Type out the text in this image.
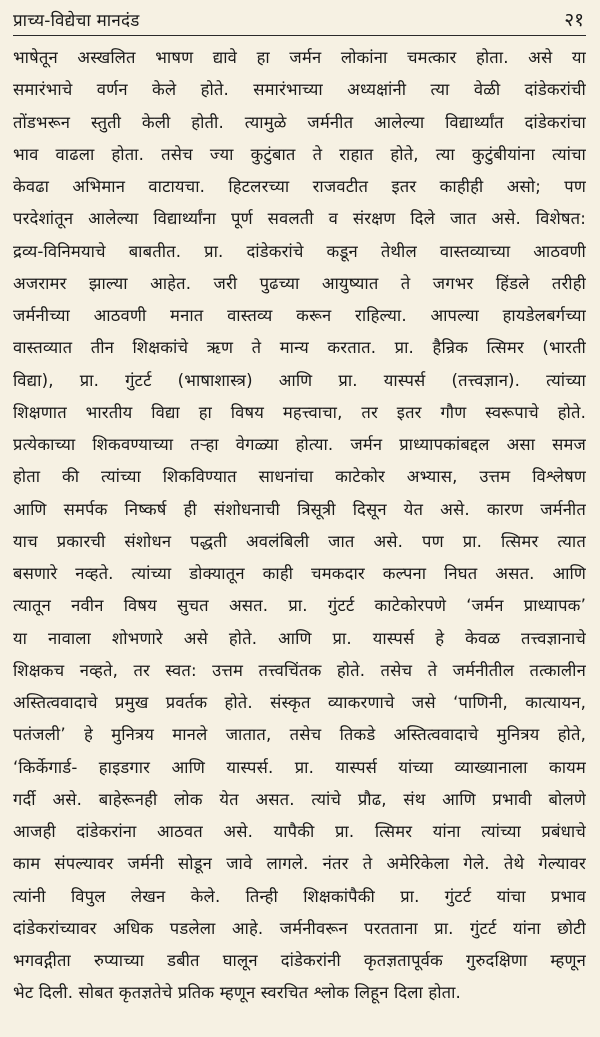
प्राच्य-विद्येचा मानदंड	२१
भाषेतून अस्खलित भाषण द्यावे हा जर्मन लोकांना चमत्कार होता. असे या
समारंभाचे वर्णन केले होते. समारंभाच्या अध्यक्षांनी त्या वेळी दांडेकरांची
तोंडभरून स्तुती केली होती. त्यामुळे जर्मनीत आलेल्या विद्यार्थ्यांत दांडेकरांचा
भाव वाढला होता. तसेच ज्या कुटुंबात ते राहात होते, त्या कुटुंबीयांना त्यांचा
केवढा अभिमान वाटायचा. हिटलरच्या राजवटीत इतर काहीही असो; पण
परदेशांतून आलेल्या विद्यार्थ्यांना पूर्ण सवलती व संरक्षण दिले जात असे. विशेषत:
द्रव्य-विनिमयाचे बाबतीत. प्रा. दांडेकरांचे कडून तेथील वास्तव्याच्या आठवणी
अजरामर झाल्या आहेत. जरी पुढच्या आयुष्यात ते जगभर हिंडले तरीही
जर्मनीच्या आठवणी मनात वास्तव्य करून राहिल्या. आपल्या हायडेलबर्गच्या
वास्तव्यात तीन शिक्षकांचे ऋण ते मान्य करतात. प्रा. हैन्रिक त्सिमर (भारती
विद्या), प्रा. गुंटर्ट (भाषाशास्त्र) आणि प्रा. यास्पर्स (तत्त्वज्ञान). त्यांच्या
शिक्षणात भारतीय विद्या हा विषय महत्त्वाचा, तर इतर गौण स्वरूपाचे होते.
प्रत्येकाच्या शिकवण्याच्या तऱ्हा वेगळ्या होत्या. जर्मन प्राध्यापकांबद्दल असा समज
होता की त्यांच्या शिकविण्यात साधनांचा काटेकोर अभ्यास, उत्तम विश्लेषण
आणि समर्पक निष्कर्ष ही संशोधनाची त्रिसूत्री दिसून येत असे. कारण जर्मनीत
याच प्रकारची संशोधन पद्धती अवलंबिली जात असे. पण प्रा. त्सिमर त्यात
बसणारे नव्हते. त्यांच्या डोक्यातून काही चमकदार कल्पना निघत असत. आणि
त्यातून नवीन विषय सुचत असत. प्रा. गुंटर्ट काटेकोरपणे ‘जर्मन प्राध्यापक’
या नावाला शोभणारे असे होते. आणि प्रा. यास्पर्स हे केवळ तत्त्वज्ञानाचे
शिक्षकच नव्हते, तर स्वत: उत्तम तत्त्वचिंतक होते. तसेच ते जर्मनीतील तत्कालीन
अस्तित्ववादाचे प्रमुख प्रवर्तक होते. संस्कृत व्याकरणाचे जसे ‘पाणिनी, कात्यायन,
पतंजली’ हे मुनित्रय मानले जातात, तसेच तिकडे अस्तित्ववादाचे मुनित्रय होते,
‘किर्केगार्ड- हाइडगार आणि यास्पर्स. प्रा. यास्पर्स यांच्या व्याख्यानाला कायम
गर्दी असे. बाहेरूनही लोक येत असत. त्यांचे प्रौढ, संथ आणि प्रभावी बोलणे
आजही दांडेकरांना आठवत असे. यापैकी प्रा. त्सिमर यांना त्यांच्या प्रबंधाचे
काम संपल्यावर जर्मनी सोडून जावे लागले. नंतर ते अमेरिकेला गेले. तेथे गेल्यावर
त्यांनी विपुल लेखन केले. तिन्ही शिक्षकांपैकी प्रा. गुंटर्ट यांचा प्रभाव
दांडेकरांच्यावर अधिक पडलेला आहे. जर्मनीवरून परतताना प्रा. गुंटर्ट यांना छोटी
भगवद्गीता रुप्याच्या डबीत घालून दांडेकरांनी कृतज्ञतापूर्वक गुरुदक्षिणा म्हणून
भेट दिली. सोबत कृतज्ञतेचे प्रतिक म्हणून स्वरचित श्लोक लिहून दिला होता.
